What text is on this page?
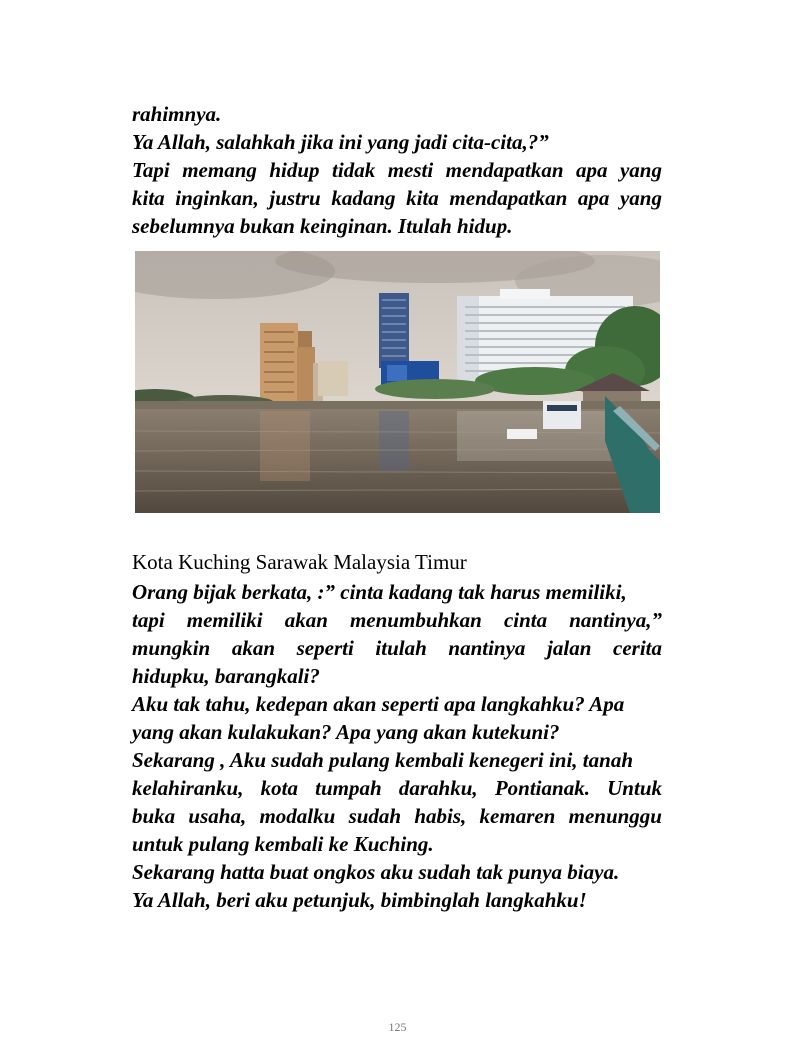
rahimnya.
Ya Allah, salahkah jika ini yang jadi cita-cita,?”
Tapi memang hidup tidak mesti mendapatkan apa yang
kita inginkan, justru kadang kita mendapatkan apa yang
sebelumnya bukan keinginan. Itulah hidup.
Kota Kuching Sarawak Malaysia Timur
Orang bijak berkata, :” cinta kadang tak harus memiliki,
tapi memiliki akan menumbuhkan cinta nantinya,”
mungkin akan seperti itulah nantinya jalan cerita
hidupku, barangkali?
Aku tak tahu, kedepan akan seperti apa langkahku? Apa
yang akan kulakukan? Apa yang akan kutekuni?
Sekarang , Aku sudah pulang kembali kenegeri ini, tanah
kelahiranku, kota tumpah darahku, Pontianak. Untuk
buka usaha, modalku sudah habis, kemaren menunggu
untuk pulang kembali ke Kuching.
Sekarang hatta buat ongkos aku sudah tak punya biaya.
Ya Allah, beri aku petunjuk, bimbinglah langkahku!
125
